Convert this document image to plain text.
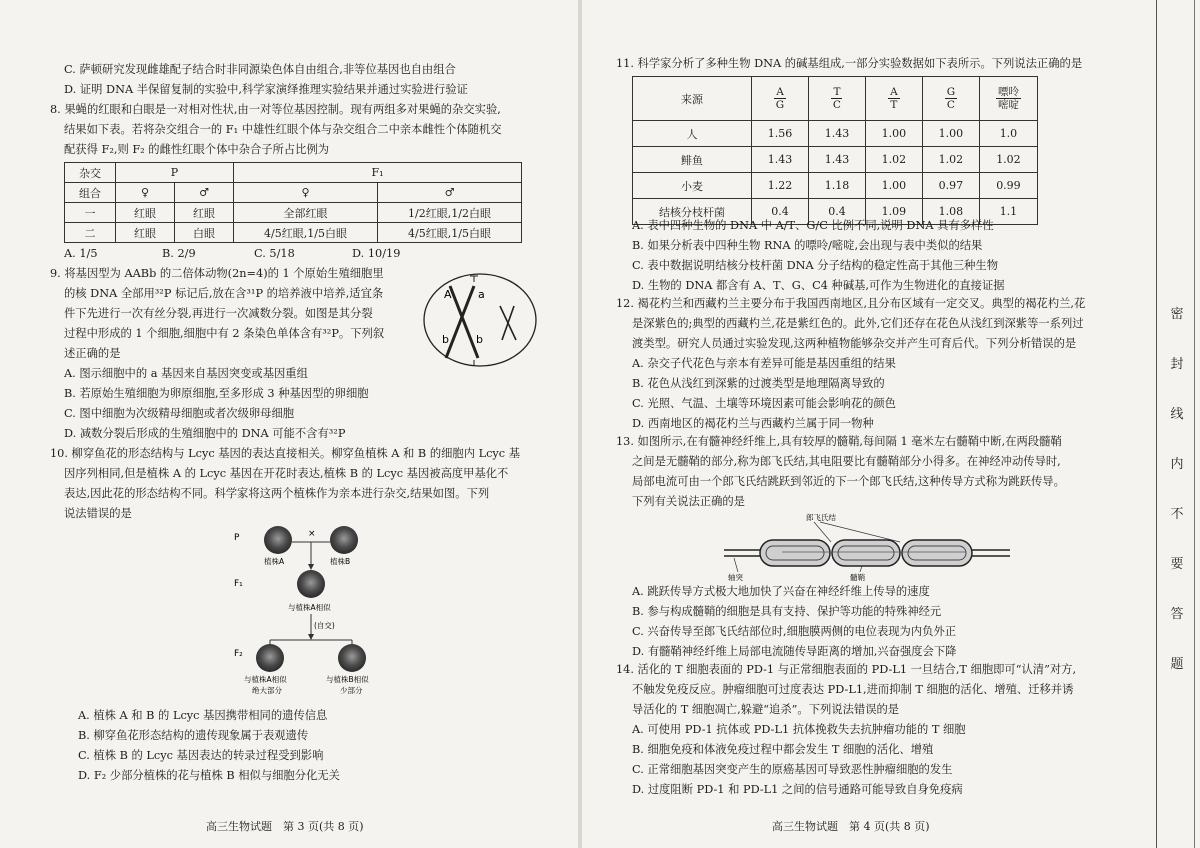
C. 萨顿研究发现雌雄配子结合时非同源染色体自由组合,非等位基因也自由组合
D. 证明 DNA 半保留复制的实验中,科学家演绎推理实验结果并通过实验进行验证
8. 果蝇的红眼和白眼是一对相对性状,由一对等位基因控制。现有两组多对果蝇的杂交实验,
结果如下表。若将杂交组合一的 F₁ 中雄性红眼个体与杂交组合二中亲本雌性个体随机交
配获得 F₂,则 F₂ 的雌性红眼个体中杂合子所占比例为
杂交	P		F₁	
组合	♀	♂	♀	♂
一	红眼	红眼	全部红眼	1/2红眼,1/2白眼
二	红眼	白眼	4/5红眼,1/5白眼	4/5红眼,1/5白眼
A. 1/5	B. 2/9	C. 5/18	D. 10/19
9. 将基因型为 AABb 的二倍体动物(2n=4)的 1 个原始生殖细胞里
的核 DNA 全部用³²P 标记后,放在含³¹P 的培养液中培养,适宜条
件下先进行一次有丝分裂,再进行一次减数分裂。如图是其分裂
过程中形成的 1 个细胞,细胞中有 2 条染色单体含有³²P。下列叙
述正确的是
A. 图示细胞中的 a 基因来自基因突变或基因重组
B. 若原始生殖细胞为卵原细胞,至多形成 3 种基因型的卵细胞
C. 图中细胞为次级精母细胞或者次级卵母细胞
D. 减数分裂后形成的生殖细胞中的 DNA 可能不含有³²P
A a
b b
10. 柳穿鱼花的形态结构与 Lcyc 基因的表达直接相关。柳穿鱼植株 A 和 B 的细胞内 Lcyc 基
因序列相同,但是植株 A 的 Lcyc 基因在开花时表达,植株 B 的 Lcyc 基因被高度甲基化不
表达,因此花的形态结构不同。科学家将这两个植株作为亲本进行杂交,结果如图。下列
说法错误的是
P
植株A
×
植株B
F₁
与植株A相似
(自交)
F₂
与植株A相似
绝大部分
与植株B相似
少部分
A. 植株 A 和 B 的 Lcyc 基因携带相同的遗传信息
B. 柳穿鱼花形态结构的遗传现象属于表观遗传
C. 植株 B 的 Lcyc 基因表达的转录过程受到影响
D. F₂ 少部分植株的花与植株 B 相似与细胞分化无关
高三生物试题　第 3 页(共 8 页)
11. 科学家分析了多种生物 DNA 的碱基组成,一部分实验数据如下表所示。下列说法正确的是
来源	$\frac{A}{G}$	$\frac{T}{C}$	$\frac{A}{T}$	$\frac{G}{C}$	$\frac{\text{嘌呤}}{\text{嘧啶}}$

人	1.56	1.43	1.00	1.00	1.0
鲱鱼	1.43	1.43	1.02	1.02	1.02
小麦	1.22	1.18	1.00	0.97	0.99
结核分枝杆菌	0.4	0.4	1.09	1.08	1.1
A. 表中四种生物的 DNA 中 A/T、G/C 比例不同,说明 DNA 具有多样性
B. 如果分析表中四种生物 RNA 的嘌呤/嘧啶,会出现与表中类似的结果
C. 表中数据说明结核分枝杆菌 DNA 分子结构的稳定性高于其他三种生物
D. 生物的 DNA 都含有 A、T、G、C4 种碱基,可作为生物进化的直接证据
12. 褐花杓兰和西藏杓兰主要分布于我国西南地区,且分布区域有一定交叉。典型的褐花杓兰,花
是深紫色的;典型的西藏杓兰,花是紫红色的。此外,它们还存在花色从浅红到深紫等一系列过
渡类型。研究人员通过实验发现,这两种植物能够杂交并产生可育后代。下列分析错误的是
A. 杂交子代花色与亲本有差异可能是基因重组的结果
B. 花色从浅红到深紫的过渡类型是地理隔离导致的
C. 光照、气温、土壤等环境因素可能会影响花的颜色
D. 西南地区的褐花杓兰与西藏杓兰属于同一物种
13. 如图所示,在有髓神经纤维上,具有较厚的髓鞘,每间隔 1 毫米左右髓鞘中断,在两段髓鞘
之间是无髓鞘的部分,称为郎飞氏结,其电阻要比有髓鞘部分小得多。在神经冲动传导时,
局部电流可由一个郎飞氏结跳跃到邻近的下一个郎飞氏结,这种传导方式称为跳跃传导。
下列有关说法正确的是
郎飞氏结
轴突	髓鞘
A. 跳跃传导方式极大地加快了兴奋在神经纤维上传导的速度
B. 参与构成髓鞘的细胞是具有支持、保护等功能的特殊神经元
C. 兴奋传导至郎飞氏结部位时,细胞膜两侧的电位表现为内负外正
D. 有髓鞘神经纤维上局部电流随传导距离的增加,兴奋强度会下降
14. 活化的 T 细胞表面的 PD-1 与正常细胞表面的 PD-L1 一旦结合,T 细胞即可“认清”对方,
不触发免疫反应。肿瘤细胞可过度表达 PD-L1,进而抑制 T 细胞的活化、增殖、迁移并诱
导活化的 T 细胞凋亡,躲避“追杀”。下列说法错误的是
A. 可使用 PD-1 抗体或 PD-L1 抗体挽救失去抗肿瘤功能的 T 细胞
B. 细胞免疫和体液免疫过程中都会发生 T 细胞的活化、增殖
C. 正常细胞基因突变产生的原癌基因可导致恶性肿瘤细胞的发生
D. 过度阻断 PD-1 和 PD-L1 之间的信号通路可能导致自身免疫病
高三生物试题　第 4 页(共 8 页)
密
封
线
内
不
要
答
题
